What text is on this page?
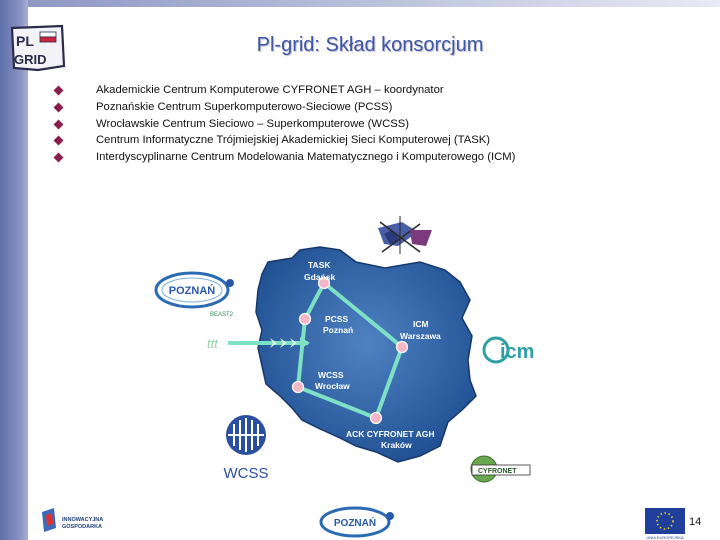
PL
GRID
Pl-grid: Skład konsorcjum
Akademickie Centrum Komputerowe CYFRONET AGH – koordynator
Poznańskie Centrum Superkomputerowo-Sieciowe (PCSS)
Wrocławskie Centrum Sieciowo – Superkomputerowe (WCSS)
Centrum Informatyczne Trójmiejskiej Akademickiej Sieci Komputerowej (TASK)
Interdyscyplinarne Centrum Modelowania Matematycznego i Komputerowego (ICM)
ttt
TASK
Gdańsk
PCSS
Poznań
ICM
Warszawa
WCSS
Wrocław
ACK CYFRONET AGH
Kraków
POZNAŃ
BEAST2
icm
WCSS	CYFRONET
INNOWACYJNA
GOSPODARKA	POZNAŃ
UNIA EUROPEJSKA
14
